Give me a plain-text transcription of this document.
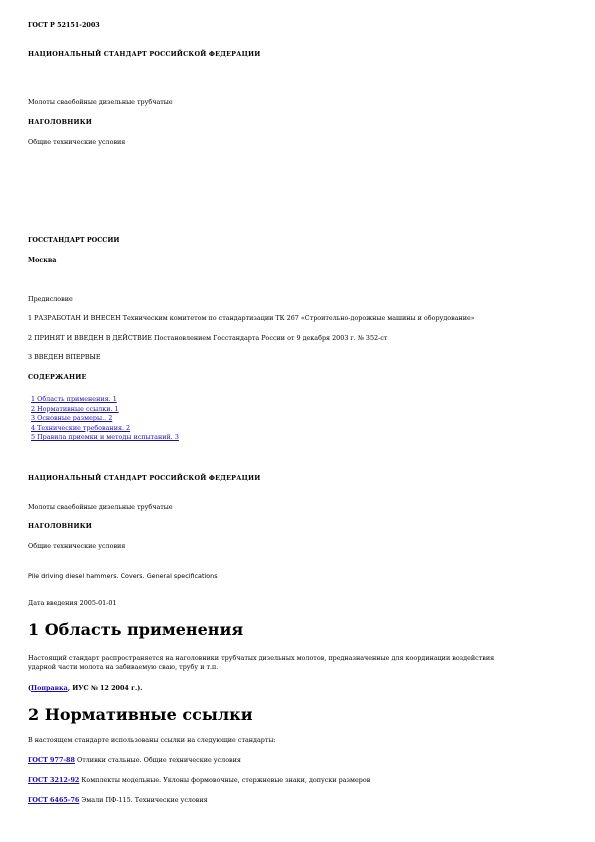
ГОСТ Р 52151-2003
НАЦИОНАЛЬНЫЙ СТАНДАРТ РОССИЙСКОЙ ФЕДЕРАЦИИ
Молоты сваебойные дизельные трубчатые
НАГОЛОВНИКИ
Общие технические условия
ГОССТАНДАРТ РОССИИ
Москва
Предисловие
1 РАЗРАБОТАН И ВНЕСЕН Техническим комитетом по стандартизации ТК 267 «Строительно-дорожные машины и оборудование»
2 ПРИНЯТ И ВВЕДЕН В ДЕЙСТВИЕ Постановлением Госстандарта России от 9 декабря 2003 г. № 352-ст
3 ВВЕДЕН ВПЕРВЫЕ
СОДЕРЖАНИЕ
1 Область применения. 1
2 Нормативные ссылки. 1
3 Основные размеры.. 2
4 Технические требования. 2
5 Правила приемки и методы испытаний. 3
НАЦИОНАЛЬНЫЙ СТАНДАРТ РОССИЙСКОЙ ФЕДЕРАЦИИ
Молоты сваебойные дизельные трубчатые
НАГОЛОВНИКИ
Общие технические условия
Pile driving diesel hammers. Covers. General specifications
Дата введения 2005-01-01
1 Область применения
Настоящий стандарт распространяется на наголовники трубчатых дизельных молотов, предназначенные для координации воздействия
ударной части молота на забиваемую сваю, трубу и т.п.
(Поправка, ИУС № 12 2004 г.).
2 Нормативные ссылки
В настоящем стандарте использованы ссылки на следующие стандарты:
ГОСТ 977-88 Отливки стальные. Общие технические условия
ГОСТ 3212-92 Комплекты модельные. Уклоны формовочные, стержневые знаки, допуски размеров
ГОСТ 6465-76 Эмали ПФ-115. Технические условия
